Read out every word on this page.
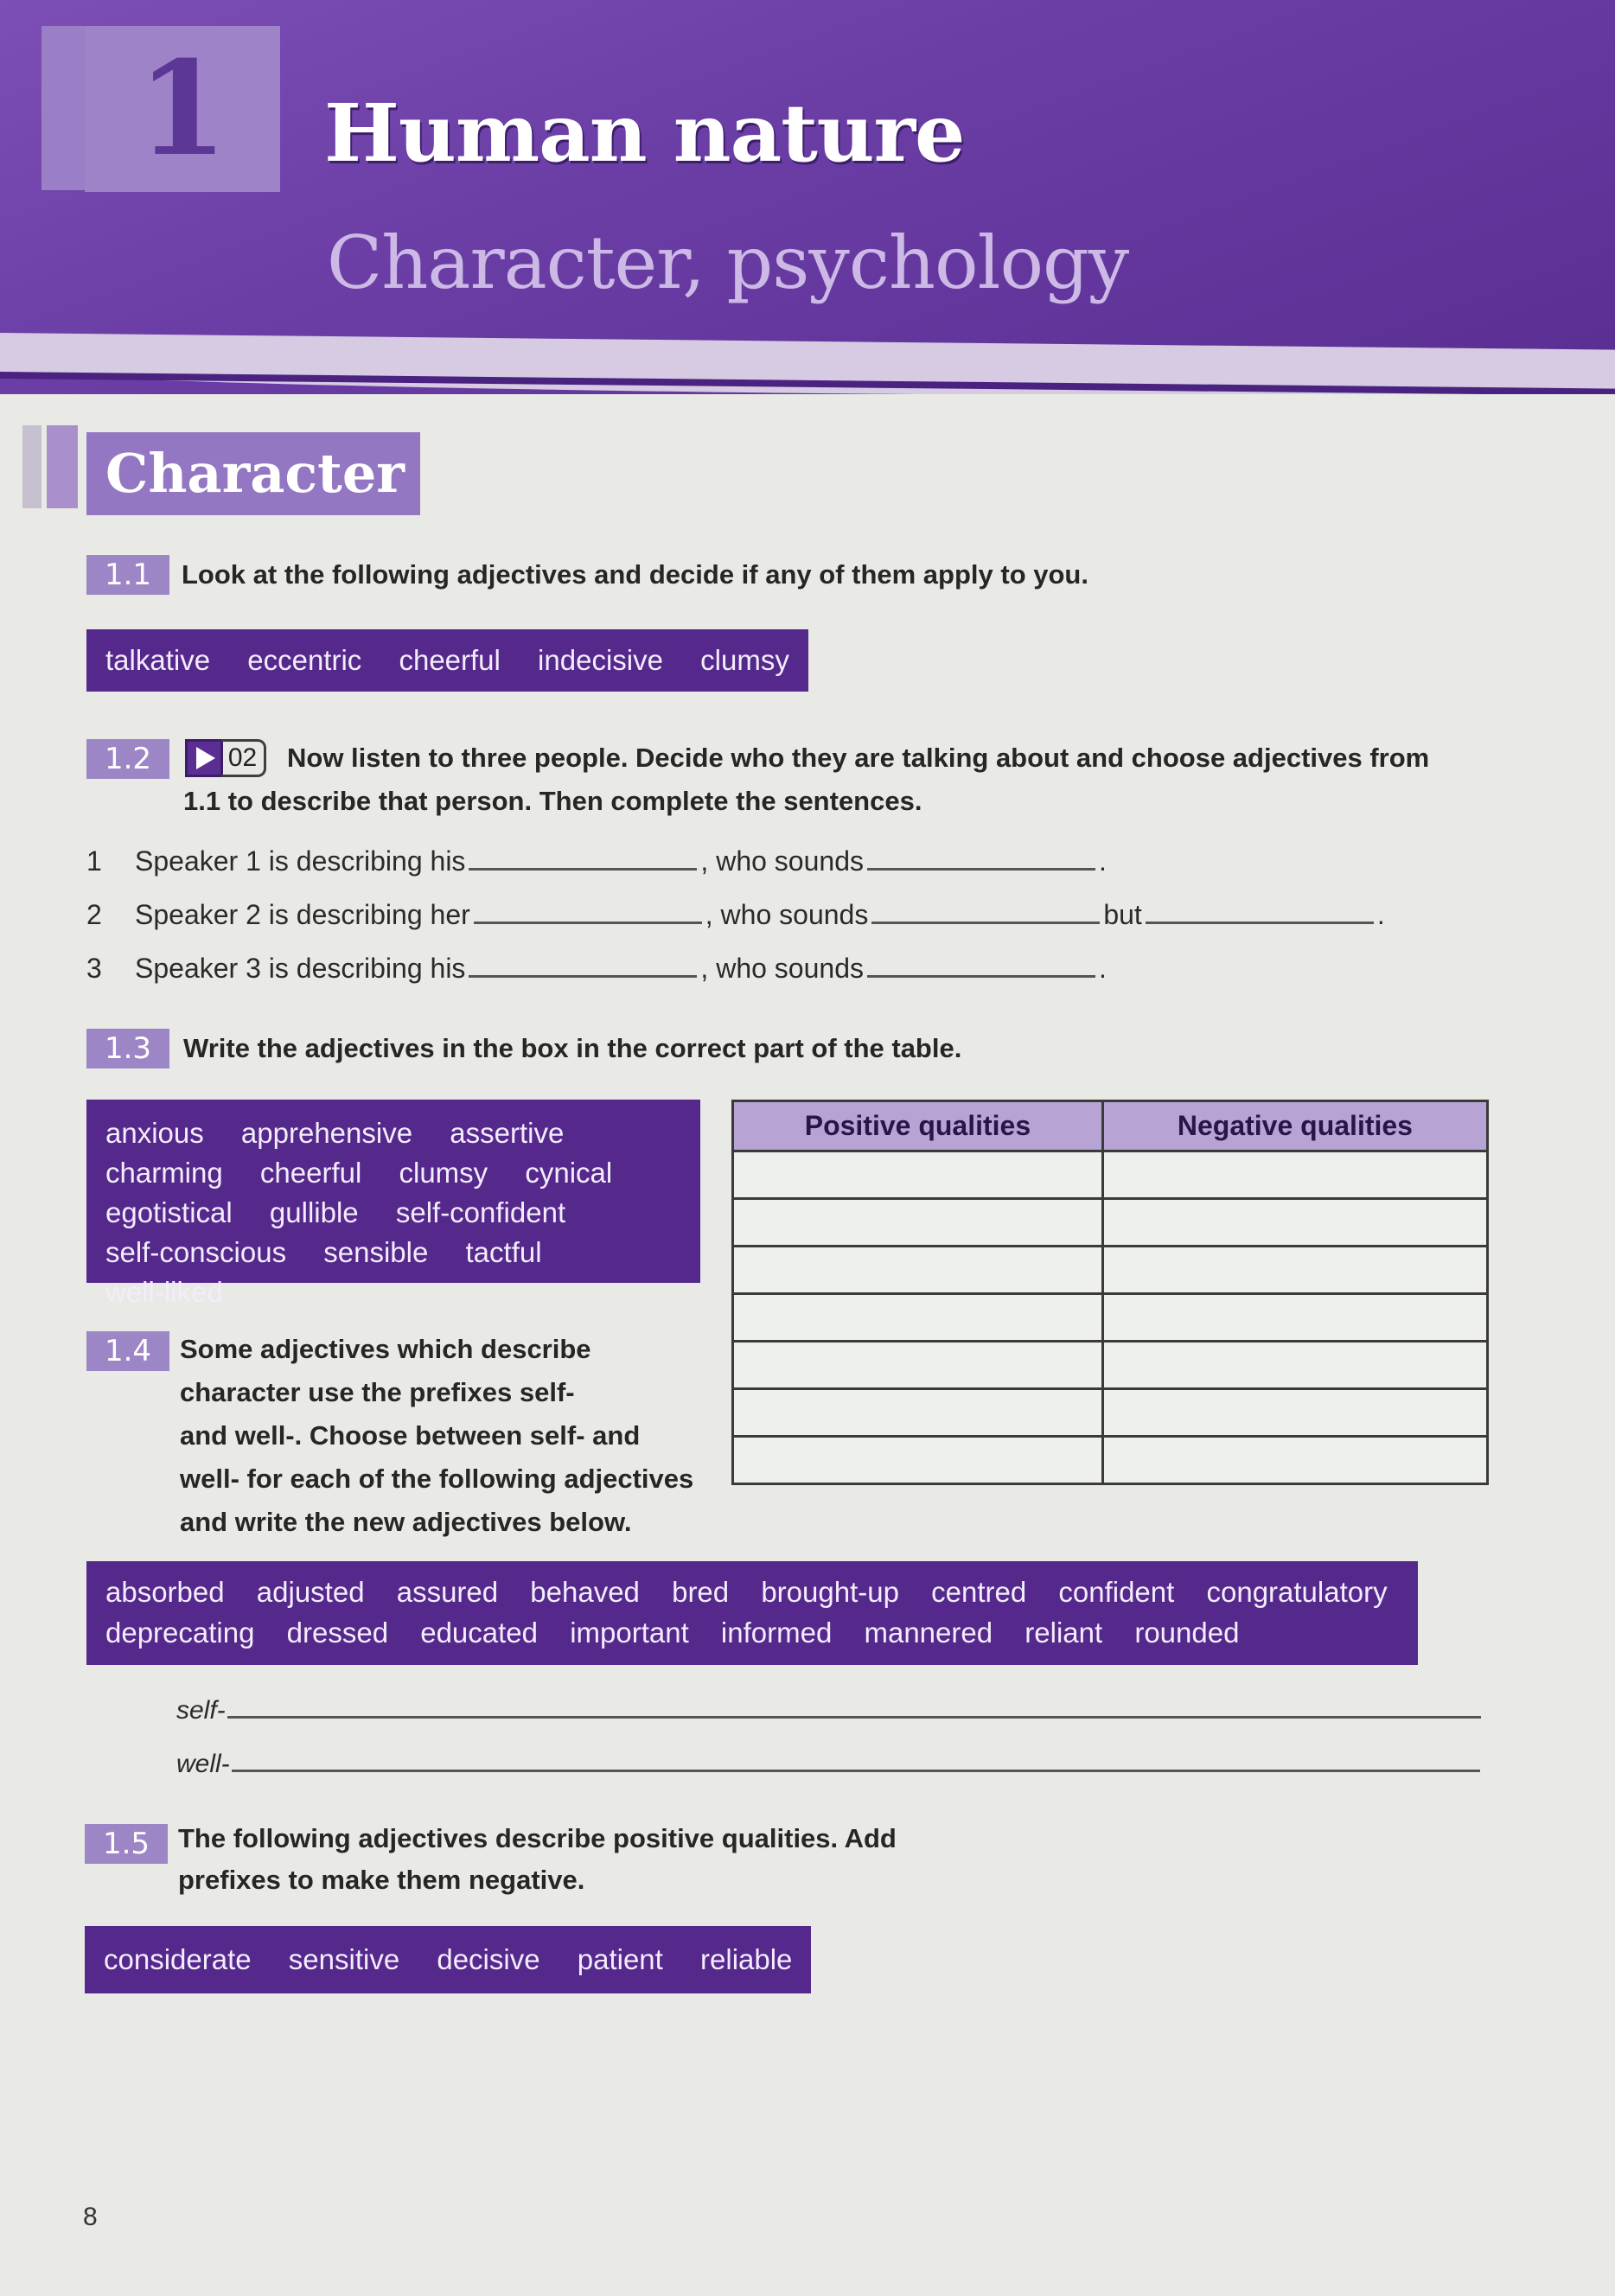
1	Human nature
Character, psychology
Character
1.1	Look at the following adjectives and decide if any of them apply to you.
talkative eccentric cheerful indecisive clumsy
1.2	02	Now listen to three people. Decide who they are talking about and choose adjectives from
1.1 to describe that person. Then complete the sentences.
1	Speaker 1 is describing his	, who sounds	.
2	Speaker 2 is describing her	, who sounds	but	.
3	Speaker 3 is describing his	, who sounds	.
1.3	Write the adjectives in the box in the correct part of the table.
anxious apprehensive assertive
charming cheerful clumsy cynical
egotistical gullible self-confident
self-conscious sensible tactful well-liked
Positive qualities	Negative qualities

1.4	Some adjectives which describe
character use the prefixes self-
and well-. Choose between self- and
well- for each of the following adjectives
and write the new adjectives below.
absorbed adjusted assured behaved bred brought-up centred confident congratulatory
deprecating dressed educated important informed mannered reliant rounded
self-
well-
1.5	The following adjectives describe positive qualities. Add
prefixes to make them negative.
considerate sensitive decisive patient reliable
8
